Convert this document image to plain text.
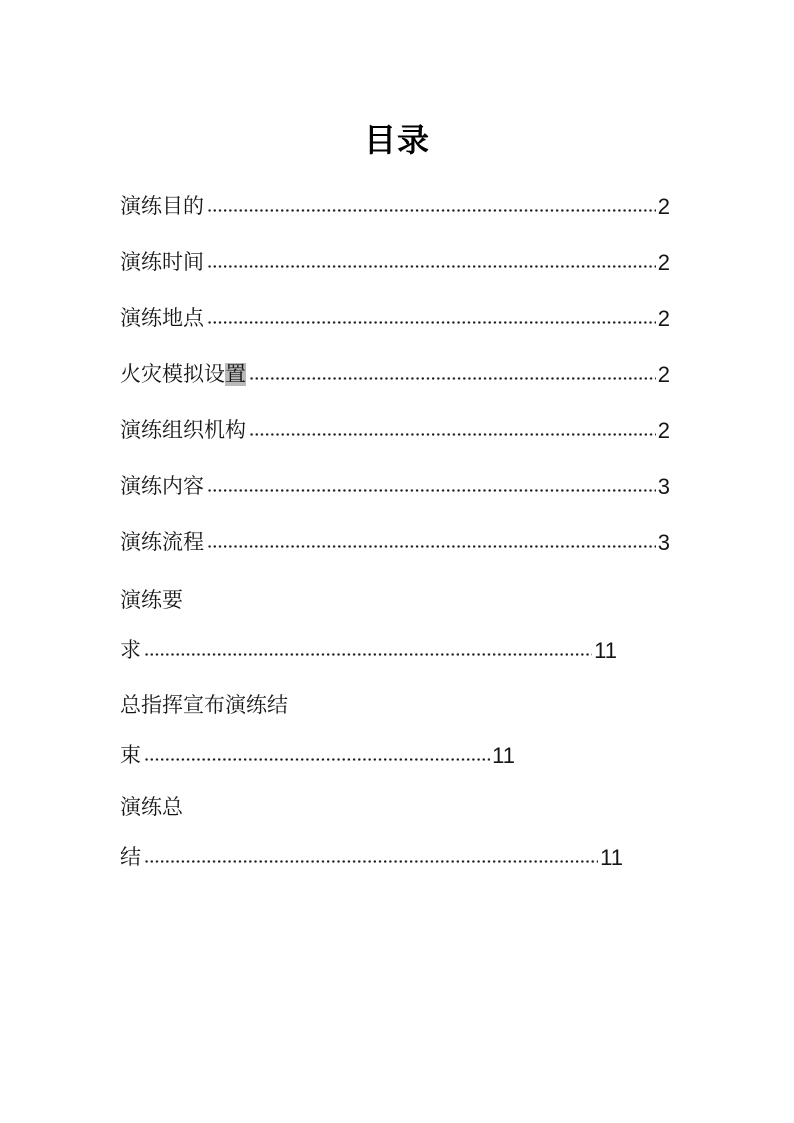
目录
演练目的	2
演练时间	2
演练地点	2
火灾模拟设置	2
演练组织机构	2
演练内容	3
演练流程	3
演练要
求	11
总指挥宣布演练结
束	11
演练总
结	11
